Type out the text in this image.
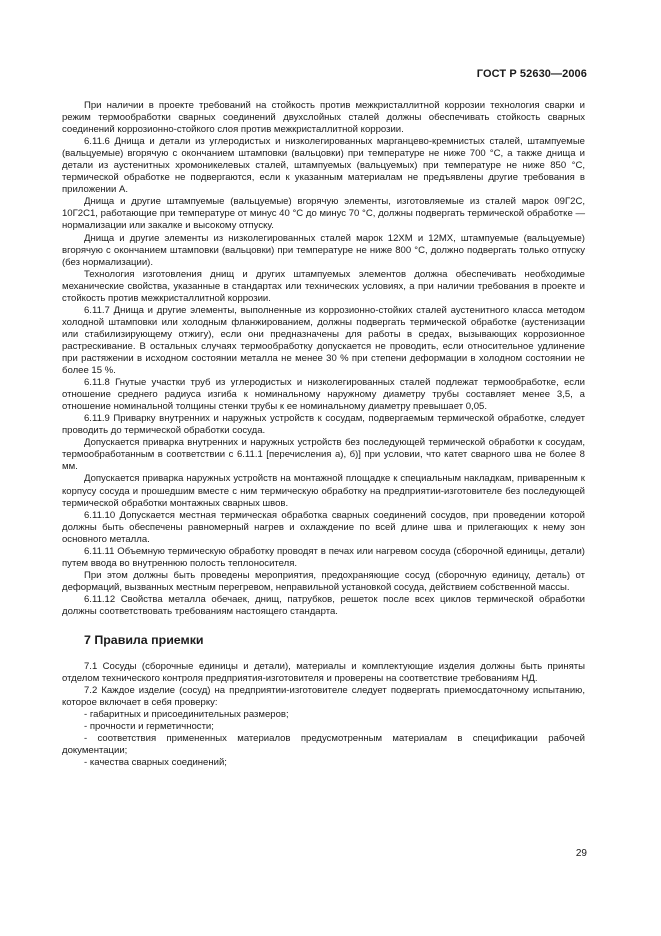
ГОСТ Р 52630—2006

При наличии в проекте требований на стойкость против межкристаллитной коррозии технология сварки и режим термообработки сварных соединений двухслойных сталей должны обеспечивать стойкость сварных соединений коррозионно-стойкого слоя против межкристаллитной коррозии.

6.11.6 Днища и детали из углеродистых и низколегированных марганцево-кремнистых сталей, штампуемые (вальцуемые) вгорячую с окончанием штамповки (вальцовки) при температуре не ниже 700 °С, а также днища и детали из аустенитных хромоникелевых сталей, штампуемых (вальцуемых) при температуре не ниже 850 °С, термической обработке не подвергаются, если к указанным материалам не предъявлены другие требования в приложении А.

Днища и другие штампуемые (вальцуемые) вгорячую элементы, изготовляемые из сталей марок 09Г2С, 10Г2С1, работающие при температуре от минус 40 °С до минус 70 °С, должны подвергать термической обработке — нормализации или закалке и высокому отпуску.

Днища и другие элементы из низколегированных сталей марок 12ХМ и 12МХ, штампуемые (вальцуемые) вгорячую с окончанием штамповки (вальцовки) при температуре не ниже 800 °С, должно подвергать только отпуску (без нормализации).

Технология изготовления днищ и других штампуемых элементов должна обеспечивать необходимые механические свойства, указанные в стандартах или технических условиях, а при наличии требования в проекте и стойкость против межкристаллитной коррозии.

6.11.7 Днища и другие элементы, выполненные из коррозионно-стойких сталей аустенитного класса методом холодной штамповки или холодным фланжированием, должны подвергать термической обработке (аустенизации или стабилизирующему отжигу), если они предназначены для работы в средах, вызывающих коррозионное растрескивание. В остальных случаях термообработку допускается не проводить, если относительное удлинение при растяжении в исходном состоянии металла не менее 30 % при степени деформации в холодном состоянии не более 15 %.

6.11.8 Гнутые участки труб из углеродистых и низколегированных сталей подлежат термообработке, если отношение среднего радиуса изгиба к номинальному наружному диаметру трубы составляет менее 3,5, а отношение номинальной толщины стенки трубы к ее номинальному диаметру превышает 0,05.

6.11.9 Приварку внутренних и наружных устройств к сосудам, подвергаемым термической обработке, следует проводить до термической обработки сосуда.

Допускается приварка внутренних и наружных устройств без последующей термической обработки к сосудам, термообработанным в соответствии с 6.11.1 [перечисления а), б)] при условии, что катет сварного шва не более 8 мм.

Допускается приварка наружных устройств на монтажной площадке к специальным накладкам, приваренным к корпусу сосуда и прошедшим вместе с ним термическую обработку на предприятии-изготовителе без последующей термической обработки монтажных сварных швов.

6.11.10 Допускается местная термическая обработка сварных соединений сосудов, при проведении которой должны быть обеспечены равномерный нагрев и охлаждение по всей длине шва и прилегающих к нему зон основного металла.

6.11.11 Объемную термическую обработку проводят в печах или нагревом сосуда (сборочной единицы, детали) путем ввода во внутреннюю полость теплоносителя.

При этом должны быть проведены мероприятия, предохраняющие сосуд (сборочную единицу, деталь) от деформаций, вызванных местным перегревом, неправильной установкой сосуда, действием собственной массы.

6.11.12 Свойства металла обечаек, днищ, патрубков, решеток после всех циклов термической обработки должны соответствовать требованиям настоящего стандарта.

7 Правила приемки

7.1 Сосуды (сборочные единицы и детали), материалы и комплектующие изделия должны быть приняты отделом технического контроля предприятия-изготовителя и проверены на соответствие требованиям НД.

7.2 Каждое изделие (сосуд) на предприятии-изготовителе следует подвергать приемосдаточному испытанию, которое включает в себя проверку:

- габаритных и присоединительных размеров;

- прочности и герметичности;

- соответствия примененных материалов предусмотренным материалам в спецификации рабочей документации;

- качества сварных соединений;

29
